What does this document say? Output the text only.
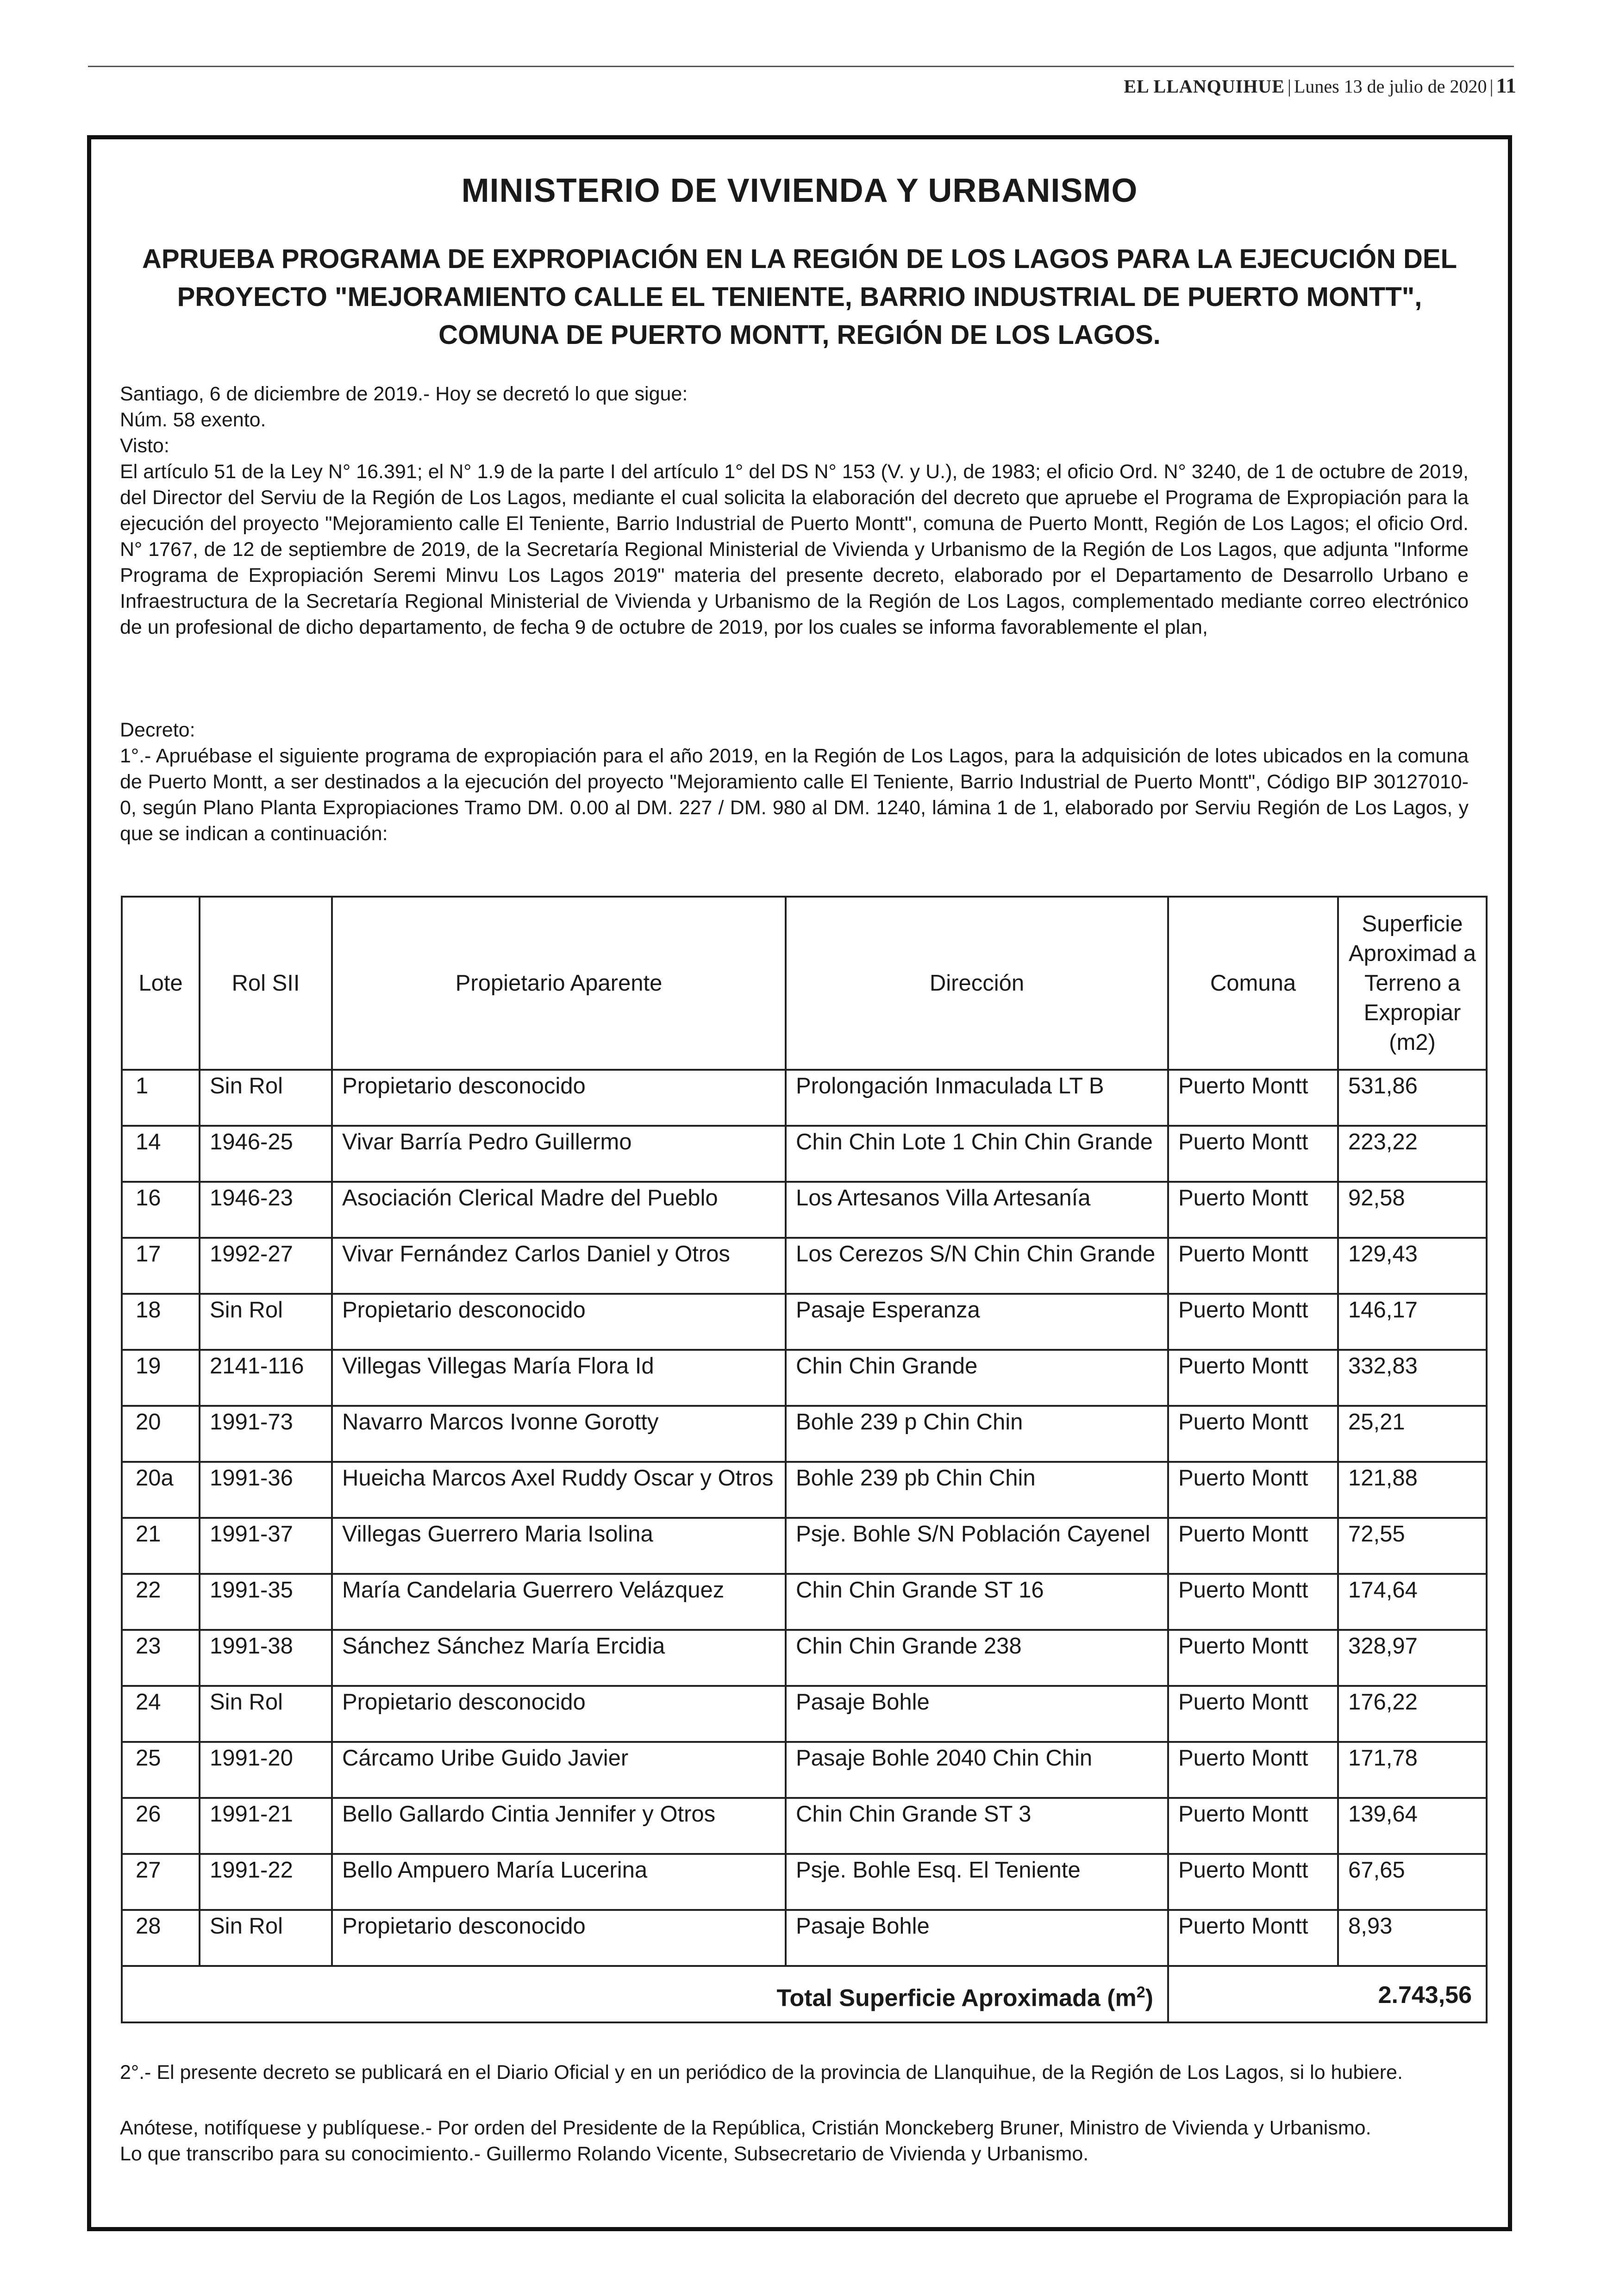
EL LLANQUIHUE | Lunes 13 de julio de 2020 | 11
MINISTERIO DE VIVIENDA Y URBANISMO
APRUEBA PROGRAMA DE EXPROPIACIÓN EN LA REGIÓN DE LOS LAGOS PARA LA EJECUCIÓN DEL PROYECTO "MEJORAMIENTO CALLE EL TENIENTE, BARRIO INDUSTRIAL DE PUERTO MONTT", COMUNA DE PUERTO MONTT, REGIÓN DE LOS LAGOS.

Santiago, 6 de diciembre de 2019.- Hoy se decretó lo que sigue:

Núm. 58 exento.

Visto:

El artículo 51 de la Ley N° 16.391; el N° 1.9 de la parte I del artículo 1° del DS N° 153 (V. y U.), de 1983; el oficio Ord. N° 3240, de 1 de octubre de 2019, del Director del Serviu de la Región de Los Lagos, mediante el cual solicita la elaboración del decreto que apruebe el Programa de Expropiación para la ejecución del proyecto "Mejoramiento calle El Teniente, Barrio Industrial de Puerto Montt", comuna de Puerto Montt, Región de Los Lagos; el oficio Ord. N° 1767, de 12 de septiembre de 2019, de la Secretaría Regional Ministerial de Vivienda y Urbanismo de la Región de Los Lagos, que adjunta "Informe Programa de Expropiación Seremi Minvu Los Lagos 2019" materia del presente decreto, elaborado por el Departamento de Desarrollo Urbano e Infraestructura de la Secretaría Regional Ministerial de Vivienda y Urbanismo de la Región de Los Lagos, complementado mediante correo electrónico de un profesional de dicho departamento, de fecha 9 de octubre de 2019, por los cuales se informa favorablemente el plan,

Decreto:

1°.- Apruébase el siguiente programa de expropiación para el año 2019, en la Región de Los Lagos, para la adquisición de lotes ubicados en la comuna de Puerto Montt, a ser destinados a la ejecución del proyecto "Mejoramiento calle El Teniente, Barrio Industrial de Puerto Montt", Código BIP 30127010-0, según Plano Planta Expropiaciones Tramo DM. 0.00 al DM. 227 / DM. 980 al DM. 1240, lámina 1 de 1, elaborado por Serviu Región de Los Lagos, y que se indican a continuación:

Lote	Rol SII	Propietario Aparente	Dirección	Comuna	Superficie Aproximad a Terreno a Expropiar (m2)
1	Sin Rol	Propietario desconocido	Prolongación Inmaculada LT B	Puerto Montt	531,86
14	1946-25	Vivar Barría Pedro Guillermo	Chin Chin Lote 1 Chin Chin Grande	Puerto Montt	223,22
16	1946-23	Asociación Clerical Madre del Pueblo	Los Artesanos Villa Artesanía	Puerto Montt	92,58
17	1992-27	Vivar Fernández Carlos Daniel y Otros	Los Cerezos S/N Chin Chin Grande	Puerto Montt	129,43
18	Sin Rol	Propietario desconocido	Pasaje Esperanza	Puerto Montt	146,17
19	2141-116	Villegas Villegas María Flora Id	Chin Chin Grande	Puerto Montt	332,83
20	1991-73	Navarro Marcos Ivonne Gorotty	Bohle 239 p Chin Chin	Puerto Montt	25,21
20a	1991-36	Hueicha Marcos Axel Ruddy Oscar y Otros	Bohle 239 pb Chin Chin	Puerto Montt	121,88
21	1991-37	Villegas Guerrero Maria Isolina	Psje. Bohle S/N Población Cayenel	Puerto Montt	72,55
22	1991-35	María Candelaria Guerrero Velázquez	Chin Chin Grande ST 16	Puerto Montt	174,64
23	1991-38	Sánchez Sánchez María Ercidia	Chin Chin Grande 238	Puerto Montt	328,97
24	Sin Rol	Propietario desconocido	Pasaje Bohle	Puerto Montt	176,22
25	1991-20	Cárcamo Uribe Guido Javier	Pasaje Bohle 2040 Chin Chin	Puerto Montt	171,78
26	1991-21	Bello Gallardo Cintia Jennifer y Otros	Chin Chin Grande ST 3	Puerto Montt	139,64
27	1991-22	Bello Ampuero María Lucerina	Psje. Bohle Esq. El Teniente	Puerto Montt	67,65
28	Sin Rol	Propietario desconocido	Pasaje Bohle	Puerto Montt	8,93
Total Superficie Aproximada $(m^2)$				2.743,56	

2°.- El presente decreto se publicará en el Diario Oficial y en un periódico de la provincia de Llanquihue, de la Región de Los Lagos, si lo hubiere.

Anótese, notifíquese y publíquese.- Por orden del Presidente de la República, Cristián Monckeberg Bruner, Ministro de Vivienda y Urbanismo.

Lo que transcribo para su conocimiento.- Guillermo Rolando Vicente, Subsecretario de Vivienda y Urbanismo.
